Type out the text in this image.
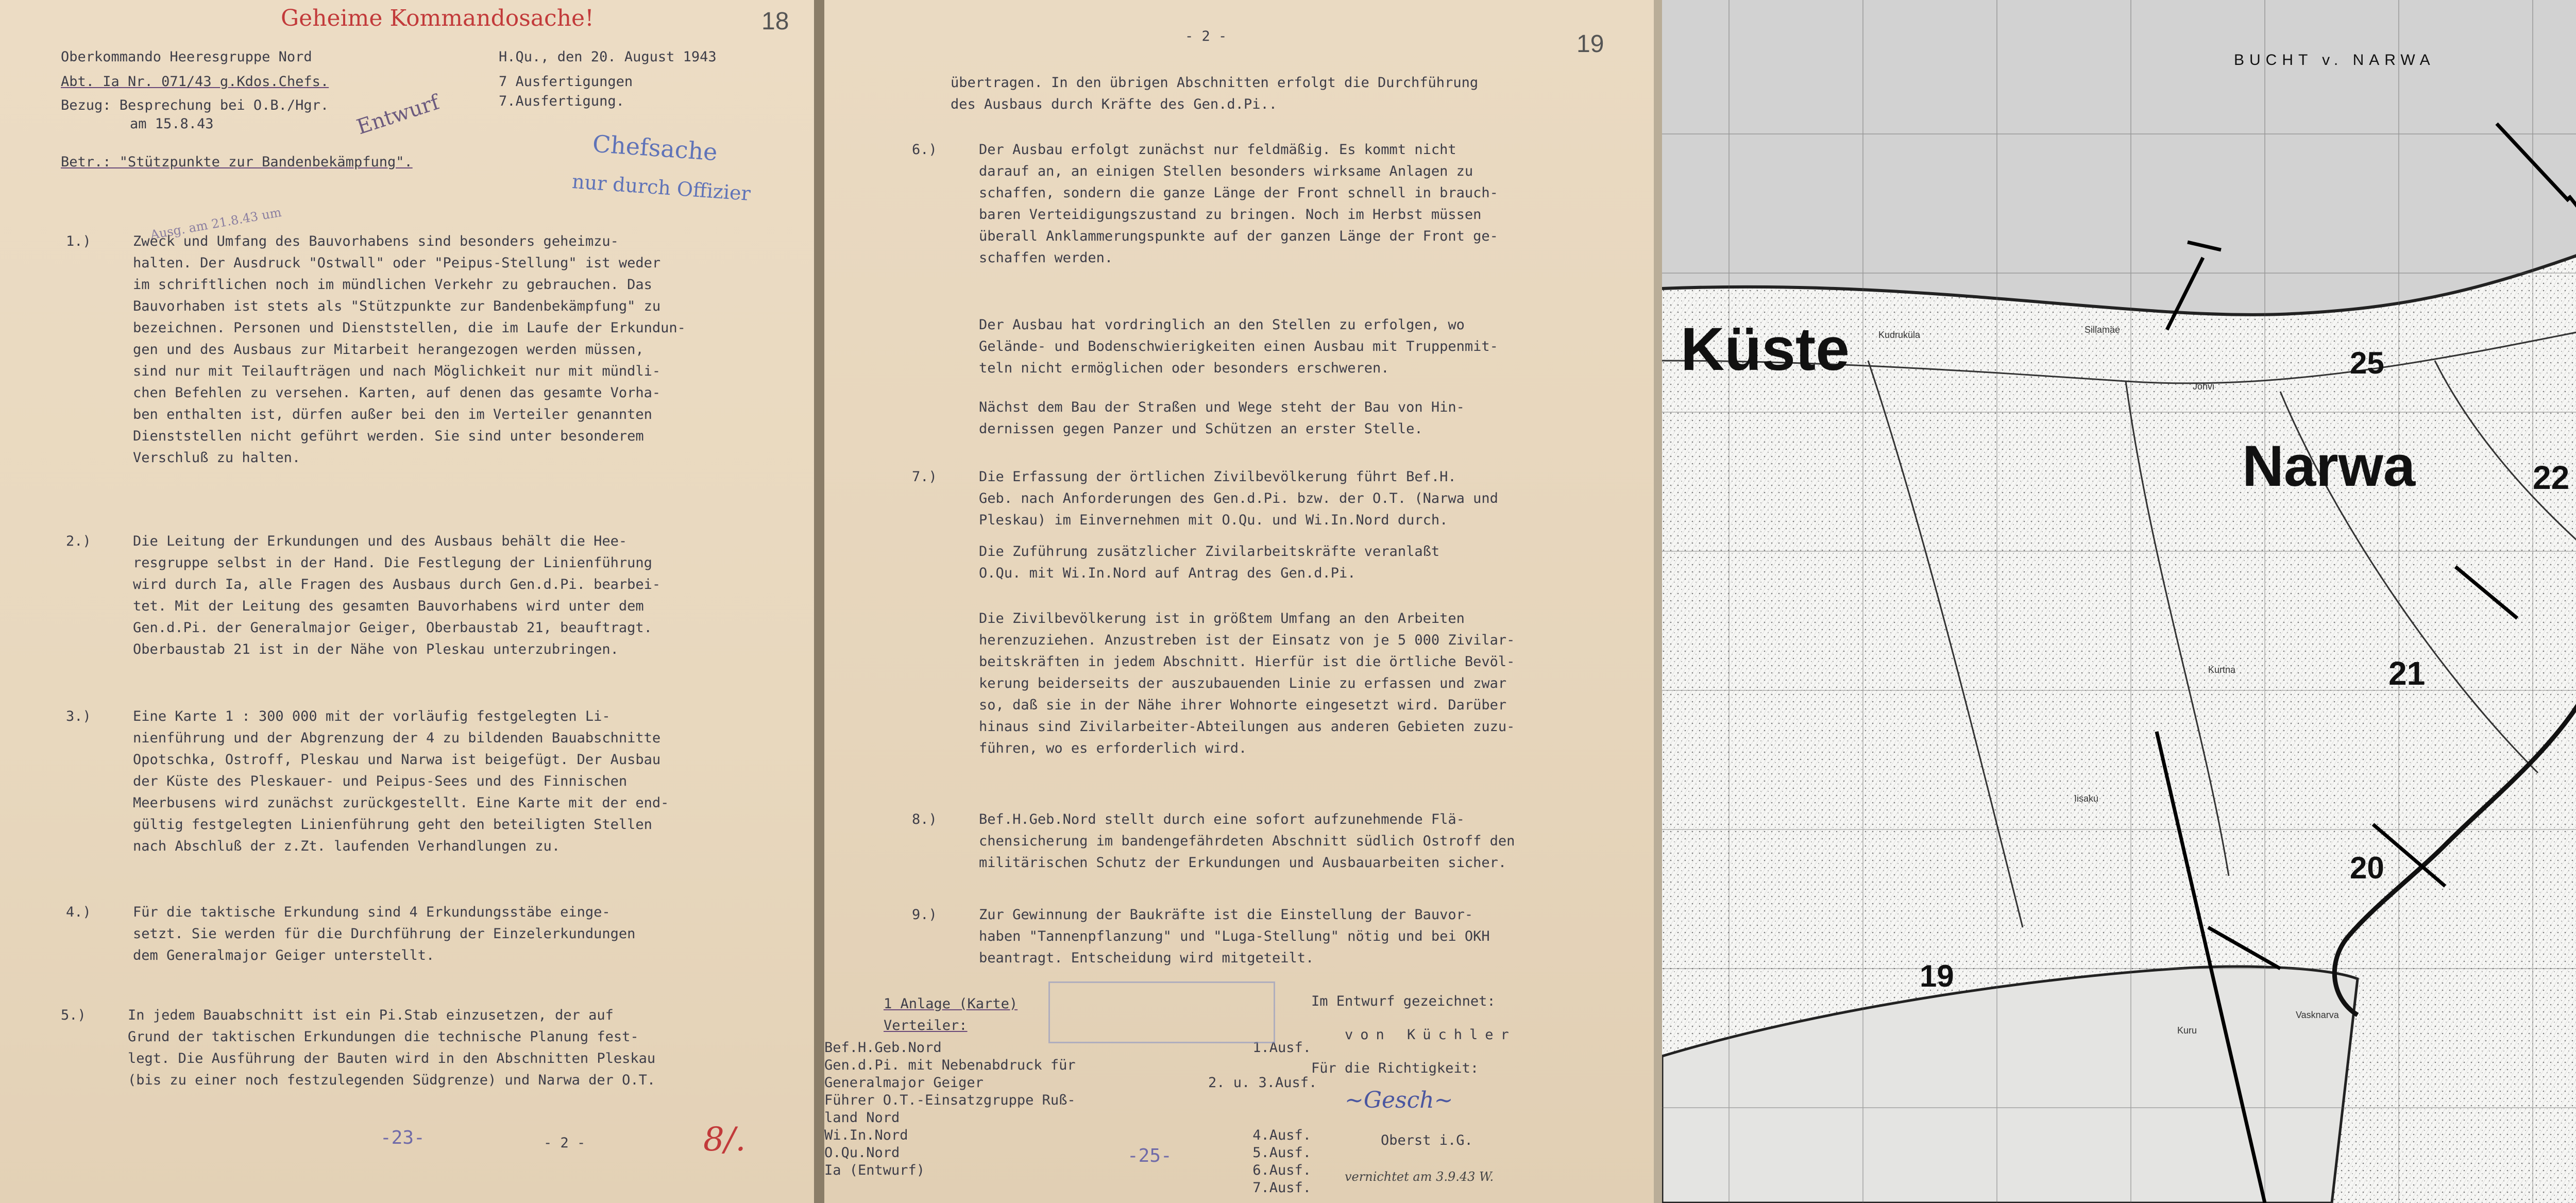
Geheime Kommandosache!	18
Oberkommando Heeresgruppe Nord	H.Qu., den 20. August 1943
Abt. Ia Nr. 071/43 g.Kdos.Chefs.	7 Ausfertigungen
7.Ausfertigung.
Bezug: Besprechung bei O.B./Hgr.
am 15.8.43	Entwurf
Betr.: "Stützpunkte zur Bandenbekämpfung".	Chefsache
nur durch Offizier
Ausg. am 21.8.43 um
1.)	Zweck und Umfang des Bauvorhabens sind besonders geheimzu-
	halten. Der Ausdruck "Ostwall" oder "Peipus-Stellung" ist weder
	im schriftlichen noch im mündlichen Verkehr zu gebrauchen. Das
	Bauvorhaben ist stets als "Stützpunkte zur Bandenbekämpfung" zu
	bezeichnen. Personen und Dienststellen, die im Laufe der Erkundun-
	gen und des Ausbaus zur Mitarbeit herangezogen werden müssen,
	sind nur mit Teilaufträgen und nach Möglichkeit nur mit mündli-
	chen Befehlen zu versehen. Karten, auf denen das gesamte Vorha-
	ben enthalten ist, dürfen außer bei den im Verteiler genannten
	Dienststellen nicht geführt werden. Sie sind unter besonderem
	Verschluß zu halten.
2.)	Die Leitung der Erkundungen und des Ausbaus behält die Hee-
	resgruppe selbst in der Hand. Die Festlegung der Linienführung
	wird durch Ia, alle Fragen des Ausbaus durch Gen.d.Pi. bearbei-
	tet. Mit der Leitung des gesamten Bauvorhabens wird unter dem
	Gen.d.Pi. der Generalmajor Geiger, Oberbaustab 21, beauftragt.
	Oberbaustab 21 ist in der Nähe von Pleskau unterzubringen.
3.)	Eine Karte 1 : 300 000 mit der vorläufig festgelegten Li-
	nienführung und der Abgrenzung der 4 zu bildenden Bauabschnitte
	Opotschka, Ostroff, Pleskau und Narwa ist beigefügt. Der Ausbau
	der Küste des Pleskauer- und Peipus-Sees und des Finnischen
	Meerbusens wird zunächst zurückgestellt. Eine Karte mit der end-
	gültig festgelegten Linienführung geht den beteiligten Stellen
	nach Abschluß der z.Zt. laufenden Verhandlungen zu.
4.)	Für die taktische Erkundung sind 4 Erkundungsstäbe einge-
	setzt. Sie werden für die Durchführung der Einzelerkundungen
	dem Generalmajor Geiger unterstellt.
5.)	In jedem Bauabschnitt ist ein Pi.Stab einzusetzen, der auf
	Grund der taktischen Erkundungen die technische Planung fest-
	legt. Die Ausführung der Bauten wird in den Abschnitten Pleskau
	(bis zu einer noch festzulegenden Südgrenze) und Narwa der O.T.
-23-	- 2 -	8/.
- 2 -	19
übertragen. In den übrigen Abschnitten erfolgt die Durchführung
des Ausbaus durch Kräfte des Gen.d.Pi..
6.)	Der Ausbau erfolgt zunächst nur feldmäßig. Es kommt nicht
	darauf an, an einigen Stellen besonders wirksame Anlagen zu
	schaffen, sondern die ganze Länge der Front schnell in brauch-
	baren Verteidigungszustand zu bringen. Noch im Herbst müssen
	überall Anklammerungspunkte auf der ganzen Länge der Front ge-
	schaffen werden.
	Der Ausbau hat vordringlich an den Stellen zu erfolgen, wo
	Gelände- und Bodenschwierigkeiten einen Ausbau mit Truppenmit-
	teln nicht ermöglichen oder besonders erschweren.
	Nächst dem Bau der Straßen und Wege steht der Bau von Hin-
	dernissen gegen Panzer und Schützen an erster Stelle.
7.)	Die Erfassung der örtlichen Zivilbevölkerung führt Bef.H.
	Geb. nach Anforderungen des Gen.d.Pi. bzw. der O.T. (Narwa und
	Pleskau) im Einvernehmen mit O.Qu. und Wi.In.Nord durch.
	Die Zuführung zusätzlicher Zivilarbeitskräfte veranlaßt
	O.Qu. mit Wi.In.Nord auf Antrag des Gen.d.Pi.
	Die Zivilbevölkerung ist in größtem Umfang an den Arbeiten
	herenzuziehen. Anzustreben ist der Einsatz von je 5 000 Zivilar-
	beitskräften in jedem Abschnitt. Hierfür ist die örtliche Bevöl-
	kerung beiderseits der auszubauenden Linie zu erfassen und zwar
	so, daß sie in der Nähe ihrer Wohnorte eingesetzt wird. Darüber
	hinaus sind Zivilarbeiter-Abteilungen aus anderen Gebieten zuzu-
	führen, wo es erforderlich wird.
8.)	Bef.H.Geb.Nord stellt durch eine sofort aufzunehmende Flä-
	chensicherung im bandengefährdeten Abschnitt südlich Ostroff den
	militärischen Schutz der Erkundungen und Ausbauarbeiten sicher.
9.)	Zur Gewinnung der Baukräfte ist die Einstellung der Bauvor-
	haben "Tannenpflanzung" und "Luga-Stellung" nötig und bei OKH
	beantragt. Entscheidung wird mitgeteilt.
1 Anlage (Karte)
Verteiler:
Im Entwurf gezeichnet:
von Küchler
Für die Richtigkeit:
~Gesch~
Oberst i.G.
Bef.H.Geb.Nord	1.Ausf.
Gen.d.Pi. mit Nebenabdruck für
Generalmajor Geiger	2. u. 3.Ausf.
Führer O.T.-Einsatzgruppe Ruß-
land Nord
Wi.In.Nord	4.Ausf.
O.Qu.Nord	5.Ausf.
Ia (Entwurf)	6.Ausf.
7.Ausf.
-25-
vernichtet am 3.9.43 W.
BUCHT v. NARWA
Küste
Narwa
19
20
21
22
25
Kudruküla	Sillamäe
Jõhvi
Kurtna
Iisaku
Vasknarva
Kuru
